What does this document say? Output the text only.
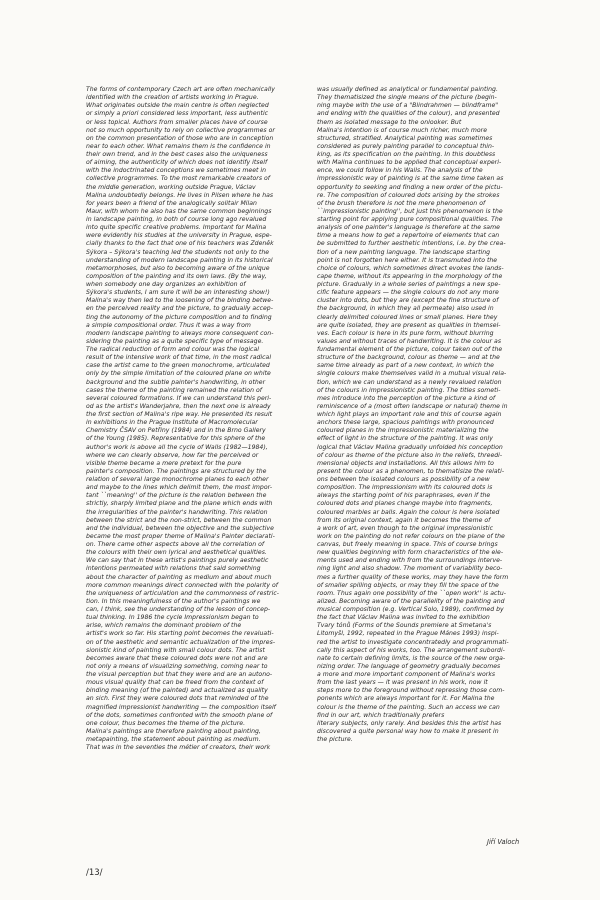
The forms of contemporary Czech art are often mechanically
identified with the creation of artists working in Prague.
What originates outside the main centre is often neglected
or simply a priori considered less important, less authentic
or less topical. Authors from smaller places have of course
not so much opportunity to rely on collective programmes or
on the common presentation of those who are in conception
near to each other. What remains them is the confidence in
their own trend, and in the best cases also the uniqueness
of aiming, the authenticity of which does not identify itself
with the indoctrinated conceptions we sometimes meet in
collective programmes. To the most remarkable creators of
the middle generation, working outside Prague, Václav
Malina undoubtedly belongs. He lives in Pilsen where he has
for years been a friend of the analogically solitair Milan
Maur, with whom he also has the same common beginnings
in landscape painting, in both of course long ago revalued
into quite specific creative problems. Important for Malina
were evidently his studies at the university in Prague, espe-
cially thanks to the fact that one of his teachers was Zdeněk
Sýkora – Sýkora's teaching led the students not only to the
understanding of modern landscape painting in its historical
metamorphoses, but also to becoming aware of the unique
composition of the painting and its own laws. (By the way,
when somebody one day organizes an exhibition of
Sýkora's students, I am sure it will be an interesting show!)
Malina's way then led to the loosening of the binding betwe-
en the perceived reality and the picture, to gradually accep-
ting the autonomy of the picture composition and to finding
a simple compositional order. Thus it was a way from
modern landscape painting to always more consequent con-
sidering the painting as a quite specific type of message.
The radical reduction of form and colour was the logical
result of the intensive work of that time, in the most radical
case the artist came to the green monochrome, articulated
only by the simple limitation of the coloured plane on white
background and the subtle painter's handwriting, in other
cases the theme of the painting remained the relation of
several coloured formations. If we can understand this peri-
od as the artist's Wanderjahre, then the next one is already
the first section of Malina's ripe way. He presented its result
in exhibitions in the Prague Institute of Macromolecular
Chemistry ČSAV on Petřiny (1984) and in the Brno Gallery
of the Young (1985). Representative for this sphere of the
author's work is above all the cycle of Walls (1982—1984),
where we can clearly observe, how far the perceived or
visible theme became a mere pretext for the pure
painter's composition. The paintings are structured by the
relation of several large monochrome planes to each other
and maybe to the lines which delimit them, the most impor-
tant ``meaning'' of the picture is the relation between the
strictly, sharply limited plane and the plane which ends with
the irregularities of the painter's handwriting. This relation
between the strict and the non-strict, between the common
and the individual, between the objective and the subjective
became the most proper theme of Malina's Painter declarati-
on. There came other aspects above all the correlation of
the colours with their own lyrical and aesthetical qualities.
We can say that in these artist's paintings purely aesthetic
intentions permeated with relations that said something
about the character of painting as medium and about much
more common meanings direct connected with the polarity of
the uniqueness of articulation and the commonness of restric-
tion. In this meaningfulness of the author's paintings we
can, I think, see the understanding of the lesson of concep-
tual thinking. In 1986 the cycle Impressionism began to
arise, which remains the dominant problem of the
artist's work so far. His starting point becomes the revaluati-
on of the aesthetic and semantic actualization of the impres-
sionistic kind of painting with small colour dots. The artist
becomes aware that these coloured dots were not and are
not only a means of visualizing something, coming near to
the visual perception but that they were and are an autono-
mous visual quality that can be freed from the context of
binding meaning (of the painted) and actualized as quality
an sich. First they were coloured dots that reminded of the
magnified impressionist handwriting — the composition itself
of the dots, sometimes confronted with the smooth plane of
one colour, thus becomes the theme of the picture.
Malina's paintings are therefore painting about painting,
metapainting, the statement about painting as medium.
That was in the seventies the métier of creators, their work
was usually defined as analytical or fundamental painting.
They thematisized the single means of the picture (begin-
ning maybe with the use of a "Blindrahmen — blindframe"
and ending with the qualities of the colour), and presented
them as isolated message to the onlooker. But
Malina's intention is of course much richer, much more
structured, stratified. Analytical painting was sometimes
considered as purely painting parallel to conceptual thin-
king, as its specification on the painting. In this doubtless
with Malina continues to be applied that conceptual experi-
ence, we could follow in his Walls. The analysis of the
impressionistic way of painting is at the same time taken as
opportunity to seeking and finding a new order of the pictu-
re. The composition of coloured dots arising by the strokes
of the brush therefore is not the mere phenomenon of
``impressionistic painting'', but just this phenomenon is the
starting point for applying pure compositional qualities. The
analysis of one painter's language is therefore at the same
time a means how to get a repertoire of elements that can
be submitted to further aesthetic intentions, i.e. by the crea-
tion of a new painting language. The landscape starting
point is not forgotten here either. It is transmuted into the
choice of colours, which sometimes direct evokes the lands-
cape theme, without its appearing in the morphology of the
picture. Gradually in a whole series of paintings a new spe-
cific feature appears — the single colours do not any more
cluster into dots, but they are (except the fine structure of
the background, in which they all permeate) also used in
clearly delimited coloured lines or small planes. Here they
are quite isolated, they are present as qualities in themsel-
ves. Each colour is here in its pure form, without blurring
values and without traces of handwriting. It is the colour as
fundamental element of the picture, colour taken out of the
structure of the background, colour as theme — and at the
same time already as part of a new context, in which the
single colours make themselves valid in a mutual visual rela-
tion, which we can understand as a newly revalued relation
of the colours in impressionistic painting. The titles someti-
mes introduce into the perception of the picture a kind of
reminiscence of a (most often landscape or natural) theme in
which light plays an important role and this of course again
anchors these large, spacious paintings with pronounced
coloured planes in the impressionistic materializing the
effect of light in the structure of the painting. It was only
logical that Václav Malina gradually unfolded his conception
of colour as theme of the picture also in the reliefs, threedi-
mensional objects and installations. All this allows him to
present the colour as a phenomen, to thematisize the relati-
ons between the isolated colours as possibility of a new
composition. The impressionism with its coloured dots is
always the starting point of his paraphrases, even if the
coloured dots and planes change maybe into fragments,
coloured marbles ar balls. Again the colour is here isolated
from its original context, again it becomes the theme of
a work of art, even though to the original impressionistic
work on the painting do not refer colours on the plane of the
canvas, but freely meaning in space. This of course brings
new qualities beginning with form characteristics of the ele-
ments used and ending with from the surroundings interve-
ning light and also shadow. The moment of variability beco-
mes a further quality of these works, may they have the form
of smaller spilling objects, or may they fill the space of the
room. Thus again one possibility of the ``open work'' is actu-
alized. Becoming aware of the parallelity of the painting and
musical composition (e.g. Vertical Solo, 1989), confirmed by
the fact that Václav Malina was invited to the exhibition
Tvary tónů (Forms of the Sounds premiere at Smetana's
Litomyšl, 1992, repeated in the Prague Mánes 1993) inspi-
red the artist to investigate concentratedly and programmati-
cally this aspect of his works, too. The arrangement subordi-
nate to certain defining limits, is the source of the new orga-
nizing order. The language of geometry gradually becomes
a more and more important component of Malina's works
from the last years — it was present in his work, now it
steps more to the foreground without repressing those com-
ponents which are always important for it. For Malina the
colour is the theme of the painting. Such an access we can
find in our art, which traditionally prefers
literary subjects, only rarely. And besides this the artist has
discovered a quite personal way how to make it present in
the picture.
Jiří Valoch
/13/
